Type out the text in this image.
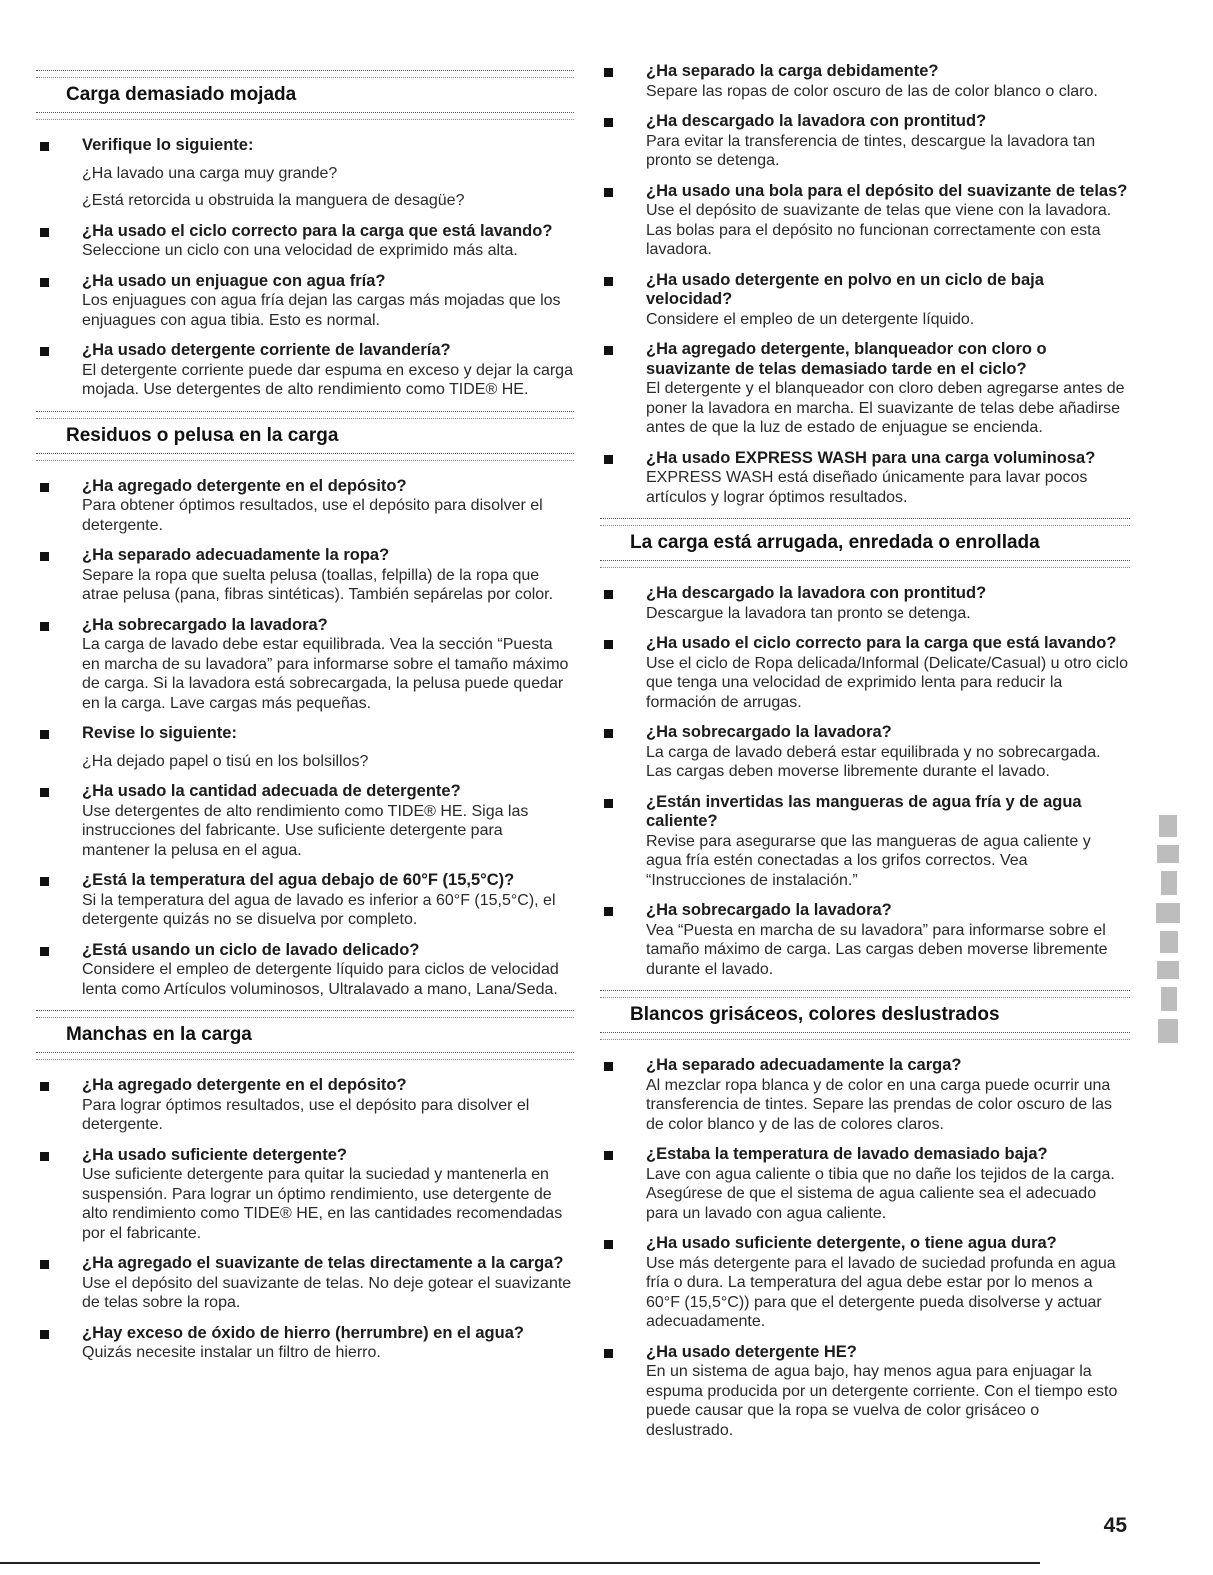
Carga demasiado mojada
Verifique lo siguiente:
¿Ha lavado una carga muy grande?
¿Está retorcida u obstruida la manguera de desagüe?
¿Ha usado el ciclo correcto para la carga que está lavando?
Seleccione un ciclo con una velocidad de exprimido más alta.
¿Ha usado un enjuague con agua fría?
Los enjuagues con agua fría dejan las cargas más mojadas que los enjuagues con agua tibia. Esto es normal.
¿Ha usado detergente corriente de lavandería?
El detergente corriente puede dar espuma en exceso y dejar la carga mojada. Use detergentes de alto rendimiento como TIDE® HE.
Residuos o pelusa en la carga
¿Ha agregado detergente en el depósito?
Para obtener óptimos resultados, use el depósito para disolver el detergente.
¿Ha separado adecuadamente la ropa?
Separe la ropa que suelta pelusa (toallas, felpilla) de la ropa que atrae pelusa (pana, fibras sintéticas). También sepárelas por color.
¿Ha sobrecargado la lavadora?
La carga de lavado debe estar equilibrada. Vea la sección “Puesta en marcha de su lavadora” para informarse sobre el tamaño máximo de carga. Si la lavadora está sobrecargada, la pelusa puede quedar en la carga. Lave cargas más pequeñas.
Revise lo siguiente:
¿Ha dejado papel o tisú en los bolsillos?
¿Ha usado la cantidad adecuada de detergente?
Use detergentes de alto rendimiento como TIDE® HE. Siga las instrucciones del fabricante. Use suficiente detergente para mantener la pelusa en el agua.
¿Está la temperatura del agua debajo de 60°F (15,5°C)?
Si la temperatura del agua de lavado es inferior a 60°F (15,5°C), el detergente quizás no se disuelva por completo.
¿Está usando un ciclo de lavado delicado?
Considere el empleo de detergente líquido para ciclos de velocidad lenta como Artículos voluminosos, Ultralavado a mano, Lana/Seda.
Manchas en la carga
¿Ha agregado detergente en el depósito?
Para lograr óptimos resultados, use el depósito para disolver el detergente.
¿Ha usado suficiente detergente?
Use suficiente detergente para quitar la suciedad y mantenerla en suspensión. Para lograr un óptimo rendimiento, use detergente de alto rendimiento como TIDE® HE, en las cantidades recomendadas por el fabricante.
¿Ha agregado el suavizante de telas directamente a la carga?
Use el depósito del suavizante de telas. No deje gotear el suavizante de telas sobre la ropa.
¿Hay exceso de óxido de hierro (herrumbre) en el agua?
Quizás necesite instalar un filtro de hierro.
¿Ha separado la carga debidamente?
Separe las ropas de color oscuro de las de color blanco o claro.
¿Ha descargado la lavadora con prontitud?
Para evitar la transferencia de tintes, descargue la lavadora tan pronto se detenga.
¿Ha usado una bola para el depósito del suavizante de telas?
Use el depósito de suavizante de telas que viene con la lavadora. Las bolas para el depósito no funcionan correctamente con esta lavadora.
¿Ha usado detergente en polvo en un ciclo de baja velocidad?
Considere el empleo de un detergente líquido.
¿Ha agregado detergente, blanqueador con cloro o suavizante de telas demasiado tarde en el ciclo?
El detergente y el blanqueador con cloro deben agregarse antes de poner la lavadora en marcha. El suavizante de telas debe añadirse antes de que la luz de estado de enjuague se encienda.
¿Ha usado EXPRESS WASH para una carga voluminosa?
EXPRESS WASH está diseñado únicamente para lavar pocos artículos y lograr óptimos resultados.
La carga está arrugada, enredada o enrollada
¿Ha descargado la lavadora con prontitud?
Descargue la lavadora tan pronto se detenga.
¿Ha usado el ciclo correcto para la carga que está lavando?
Use el ciclo de Ropa delicada/Informal (Delicate/Casual) u otro ciclo que tenga una velocidad de exprimido lenta para reducir la formación de arrugas.
¿Ha sobrecargado la lavadora?
La carga de lavado deberá estar equilibrada y no sobrecargada. Las cargas deben moverse libremente durante el lavado.
¿Están invertidas las mangueras de agua fría y de agua caliente?
Revise para asegurarse que las mangueras de agua caliente y agua fría estén conectadas a los grifos correctos. Vea “Instrucciones de instalación.”
¿Ha sobrecargado la lavadora?
Vea “Puesta en marcha de su lavadora” para informarse sobre el tamaño máximo de carga. Las cargas deben moverse libremente durante el lavado.
Blancos grisáceos, colores deslustrados
¿Ha separado adecuadamente la carga?
Al mezclar ropa blanca y de color en una carga puede ocurrir una transferencia de tintes. Separe las prendas de color oscuro de las de color blanco y de las de colores claros.
¿Estaba la temperatura de lavado demasiado baja?
Lave con agua caliente o tibia que no dañe los tejidos de la carga. Asegúrese de que el sistema de agua caliente sea el adecuado para un lavado con agua caliente.
¿Ha usado suficiente detergente, o tiene agua dura?
Use más detergente para el lavado de suciedad profunda en agua fría o dura. La temperatura del agua debe estar por lo menos a 60°F (15,5°C)) para que el detergente pueda disolverse y actuar adecuadamente.
¿Ha usado detergente HE?
En un sistema de agua bajo, hay menos agua para enjuagar la espuma producida por un detergente corriente. Con el tiempo esto puede causar que la ropa se vuelva de color grisáceo o deslustrado.
45
